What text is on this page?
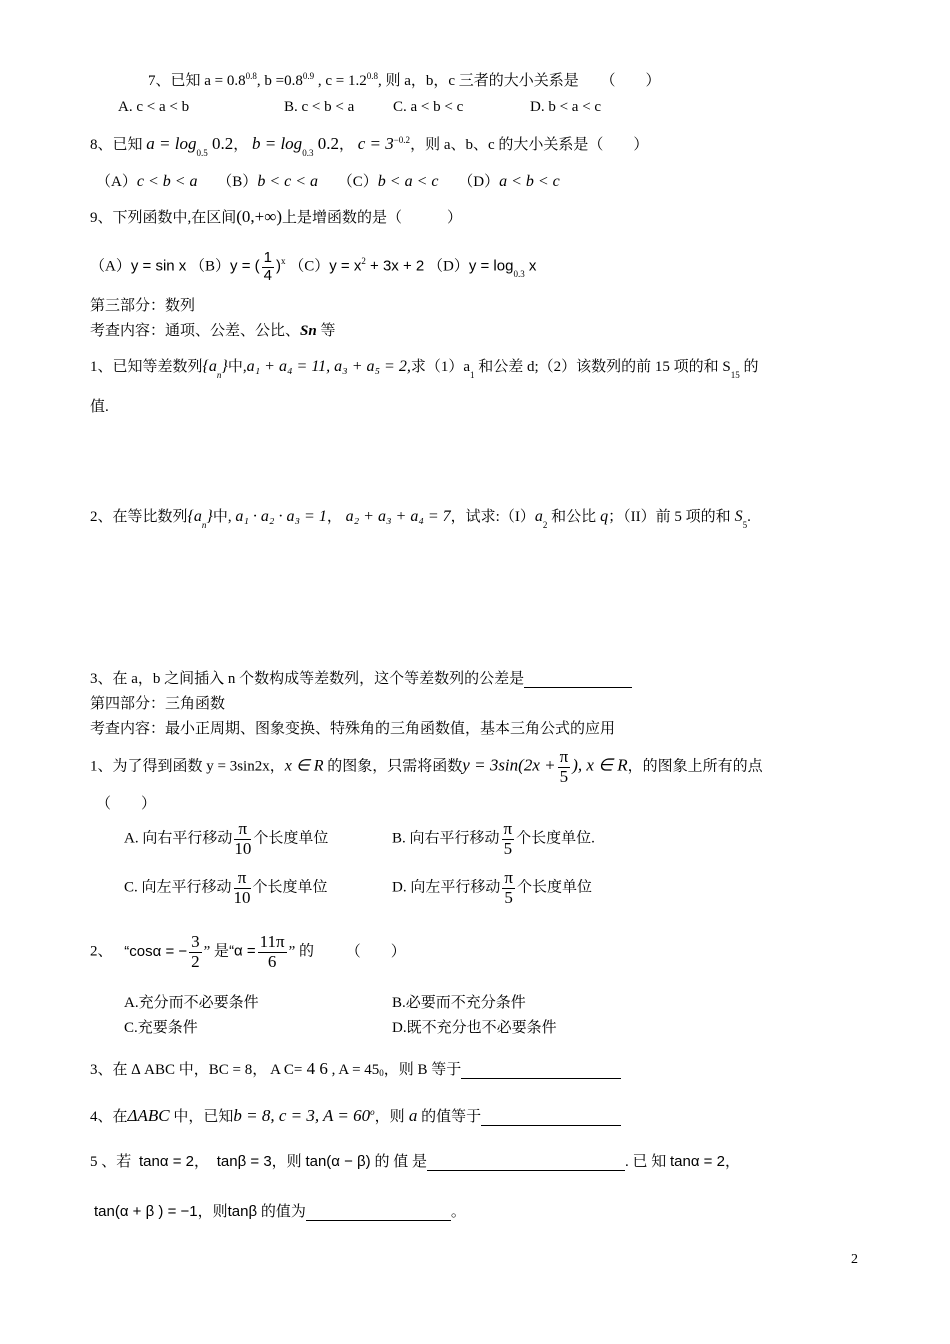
7、已知 $a = 0.8^{0.8}$, $b =0.8^{0.9}$ , $c = 1.2^{0.8}$, 则 a，b，c 三者的大小关系是 （　　）
A. c < a < b	B. c < b < a	C. a < b < c	D. b < a < c
8、已知 $a = \log_{0.5} 0.2$， $b = \log_{0.3} 0.2$， $c = 3^{-0.2}$，则 a、b、c 的大小关系是（　　）
（A）c < b < a （B）b < c < a （C）b < a < c （D）a < b < c
9、下列函数中,在区间(0,+∞)上是增函数的是（　　　）
（A）y = sin x （B）y = ( $\frac{1}{4} )^x$ $(C)y = x^2 + 3x + 2$ $(D)y = \log_{0.3} x$
第三部分：数列
考查内容：通项、公差、公比、Sn 等
1、已知等差数列$\{a_n\}$中,a₁ + a₄ = 11, a₃ + a₅ = 2,求$(1)a_1$ 和公差 d;（2）该数列的前 15 项的和 $S_{15}$ 的
值.
2、在等比数列$\{a_n\}$中, a₁ · a₂ · a₃ = 1， a₂ + a₃ + a₄ = 7，试求$:(I)a_2$ 和公比 q；（II）前 5 项的和 $S_5$.
3、在 a，b 之间插入 n 个数构成等差数列，这个等差数列的公差是
第四部分：三角函数
考查内容：最小正周期、图象变换、特殊角的三角函数值，基本三角公式的应用
1、为了得到函数 y = 3sin2x，x ∈ R 的图象，只需将函数$y = 3\sin(2x + \frac{\pi}{5}$ ), x ∈ R，的图象上所有的点
（　　）
A. 向右平行移动 $\frac{\pi}{10}$ 个长度单位	B. 向右平行移动 $\frac{\pi}{5}$ 个长度单位.
C. 向左平行移动 $\frac{\pi}{10}$ 个长度单位	D. 向左平行移动 $\frac{\pi}{5}$ 个长度单位
2、 “cosα = − $\frac{3}{2}$ ” 是“$\alpha = \frac{11\pi}{6}$ ” 的 （　　）
A.充分而不必要条件	B.必要而不充分条件
C.充要条件	D.既不充分也不必要条件
3、在 ∆ ABC 中，BC = 8， A C= 4 6 , A = 450，则 B 等于
4、在ΔABC 中，已知b = 8, c = 3, $A = 60^o$，则 a 的值等于
5 、若 tanα = 2， tanβ = 3，则 tan(α − β) 的 值 是	. 已 知 tanα = 2，
tan(α + β ) = −1，则tanβ 的值为	。
2
